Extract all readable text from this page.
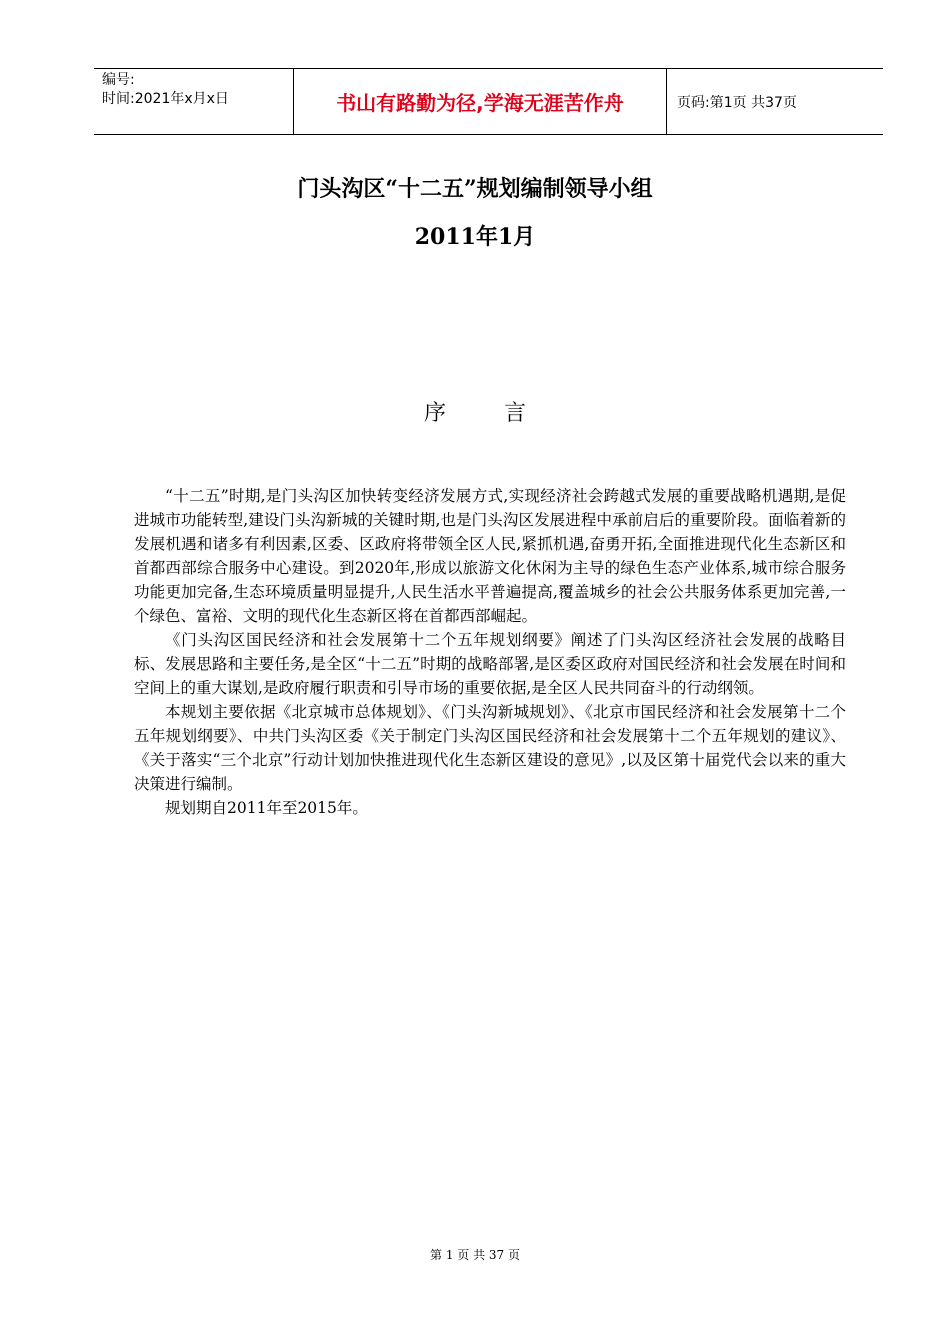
编号:
时间:2021年x月x日	书山有路勤为径,学海无涯苦作舟	页码:第1页 共37页
门头沟区“十二五”规划编制领导小组
2011年1月
序言

“十二五”时期,是门头沟区加快转变经济发展方式,实现经济社会跨越式发展的重要战略机遇期,是促进城市功能转型,建设门头沟新城的关键时期,也是门头沟区发展进程中承前启后的重要阶段。面临着新的发展机遇和诸多有利因素,区委、区政府将带领全区人民,紧抓机遇,奋勇开拓,全面推进现代化生态新区和首都西部综合服务中心建设。到2020年,形成以旅游文化休闲为主导的绿色生态产业体系,城市综合服务功能更加完备,生态环境质量明显提升,人民生活水平普遍提高,覆盖城乡的社会公共服务体系更加完善,一个绿色、富裕、文明的现代化生态新区将在首都西部崛起。

《门头沟区国民经济和社会发展第十二个五年规划纲要》阐述了门头沟区经济社会发展的战略目标、发展思路和主要任务,是全区“十二五”时期的战略部署,是区委区政府对国民经济和社会发展在时间和空间上的重大谋划,是政府履行职责和引导市场的重要依据,是全区人民共同奋斗的行动纲领。

本规划主要依据《北京城市总体规划》、《门头沟新城规划》、《北京市国民经济和社会发展第十二个五年规划纲要》、中共门头沟区委《关于制定门头沟区国民经济和社会发展第十二个五年规划的建议》、《关于落实“三个北京”行动计划加快推进现代化生态新区建设的意见》,以及区第十届党代会以来的重大决策进行编制。

规划期自2011年至2015年。

第 1 页 共 37 页
